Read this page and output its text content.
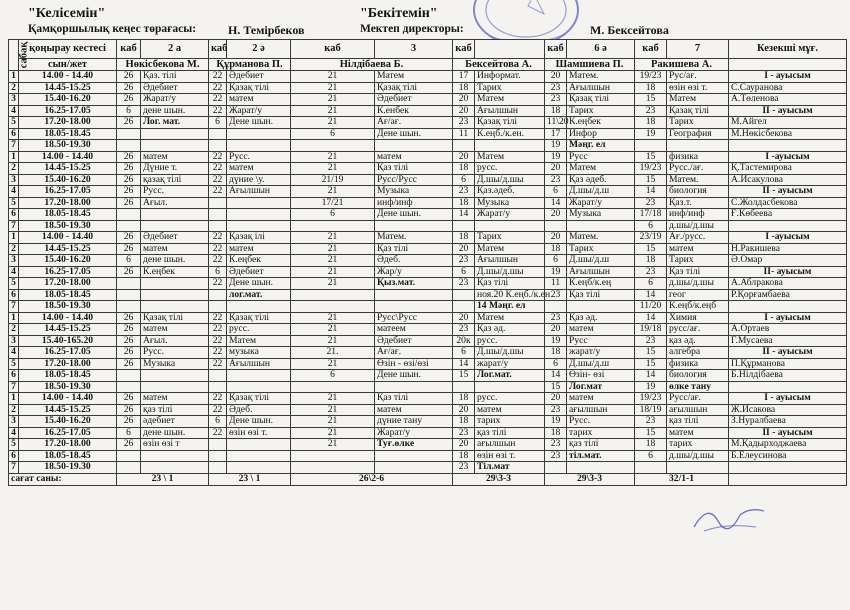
"Келісемін"
Қамқоршылық кеңес төрағасы:	Н. Темірбеков
"Бекітемін"
Мектеп директоры:	М. Бексейтова
сабақ	қоңырау кестесі	каб	2 а	каб	2 ә	каб	3	каб		каб	6 ә	каб	7	Кезекші мұғ.
	сын/жет	Нөкісбекова М.		Құрманова П.		Нілдібаева Б.		Бексейтова А.		Шамшиева П.		Ракишева А.		
1	14.00 - 14.40	26	Қаз. тілі	22	Әдебиет	21	Матем	17	Информат.	20	Матем.	19/23	Рус/ағ.	І - ауысым
2	14.45-15.25	26	Әдебиет	22	Қазақ тілі	21	Қазақ тілі	18	Тарих	23	Ағылшын	18	өзін өзі т.	С.Сауранова
3	15.40-16.20	26	Жарат/у	22	матем	21	Әдебиет	20	Матем	23	Қазақ тілі	15	Матем	А.Төленова
4	16.25-17.05	6	дене шын.	22	Жарат/у	21	К.енбек	20	Ағылшын	18	Тарих	23	Қазақ тілі	ІІ - ауысым
5	17.20-18.00	26	Лог. мат.	6	Дене шын.	21	Ағ/ағ.	23	Қазақ тілі	11\20	К.еңбек	18	Тарих	М.Айгел
6	18.05-18.45					6	Дене шын.	11	К.еңб./к.ен.	17	Инфор	19	География	М.Нөкісбекова
7	18.50-19.30									19	Мәңг. ел			
1	14.00 - 14.40	26	матем	22	Русс.	21	матем	20	Матем	19	Русс	15	физика	І -ауысым
2	14.45-15.25	26	Дүние т.	22	матем	21	Қаз тілі	18	русс.	20	Матем	19/23	Русс./ағ.	Қ.Тастемирова
3	15.40-16.20	26	қазақ тілі	22	дүние \у.	21/19	Русс/Русс	6	Д.шы/д.шы	23	Қаз әдеб.	15	Матем.	А.Исакулова
4	16.25-17.05	26	Русс.	22	Ағылшын	21	Музыка	23	Қаз.әдеб.	6	Д.шы/д.ш	14	биология	ІІ - ауысым
5	17.20-18.00	26	Ағыл.			17/21	инф/инф	18	Музыка	14	Жарат/у	23	Қаз.т.	С.Жолдасбекова
6	18.05-18.45					6	Дене шын.	14	Жарат/у	20	Музыка	17/18	инф/инф	Ғ.Көбеева
7	18.50-19.30											6	д.шы/д.шы	
1	14.00 - 14.40	26	Әдебиет	22	Қазақ ілі	21	Матем.	18	Тарих	20	Матем.	23/19	Ағ./русс.	І -ауысым
2	14.45-15.25	26	матем	22	матем	21	Қаз тілі	20	Матем	18	Тарих	15	матем	Н.Ракишева
3	15.40-16.20	6	дене шын.	22	К.еңбек	21	Әдеб.	23	Ағылшын	6	Д.шы/д.ш	18	Тарих	Ә.Омар
4	16.25-17.05	26	К.еңбек	6	Әдебиет	21	Жар/у	6	Д.шы/д.шы	19	Ағылшын	23	Қаз тілі	ІІ- ауысым
5	17.20-18.00			22	Дене шын.	21	Қыз.мат.	23	Қаз тілі	11	К.еңб/к.ең	6	д.шы/д.шы	А.Аблракова
6	18.05-18.45				лог.мат.				ноя.20 К.еңб./к.ен	23	Қаз тілі	14	геог	Р.Қорғамбаева
7	18.50-19.30								14 Мәңг. ел			11/20	К.еңб/к.еңб	
1	14.00 - 14.40	26	Қазақ тілі	22	Қазақ тілі	21	Русс\Русс	20	Матем	23	Қаз әд.	14	Химия	І - ауысым
2	14.45-15.25	26	матем	22	русс.	21	матеем	23	Қаз әд.	20	матем	19/18	русс/ағ.	А.Ортаев
3	15.40-165.20	26	Ағыл.	22	Матем	21	Әдебиет	20к	русс.	19	Русс	23	қаз әд.	Г.Мусаева
4	16.25-17.05	26	Русс.	22	музыка	21.	Ағ/ағ.	6	Д.шы/д.шы	18	жарат/у	15	алгебра	ІІ - ауысым
5	17.20-18.00	26	Музыка	22	Ағылшын	21	Өзін - өзі/өзі	14	жарат/у	6	Д.шы/д.ш	15	физика	П.Құрманова
6	18.05-18.45					6	Дене шын.	15	Лог.мат.	14	Өзін- өзі	14	биология	Б.Нілдібаева
7	18.50-19.30									15	Лог.мат	19	өлке тану	
1	14.00 - 14.40	26	матем	22	Қазақ тілі	21	Қаз тілі	18	русс.	20	матем	19/23	Русс/ағ.	І - ауысым
2	14.45-15.25	26	қаз тілі	22	Әдеб.	21	матем	20	матем	23	ағылшын	18/19	ағылшын	Ж.Исакова
3	15.40-16.20	26	әдебиет	6	Дене шын.	21	дүние тану	18	тарих	19	Русс.	23	қаз тілі	З.Нуралбаева
4	16.25-17.05	6	дене шын.	22	өзін өзі т.	21	Жарат/у	23	қаз тілі	18	тарих	15	матем	ІІ - ауысым
5	17.20-18.00	26	өзін өзі т			21	Туғ.өлке	20	ағылшын	23	қаз тілі	18	тарих	М.Қадырходжаева
6	18.05-18.45							18	өзін өзі т.	23	тіл.мат.	6	д.шы/д.шы	Б.Елеусинова
7	18.50-19.30							23	Тіл.мат					
сағат саны:		23 \ 1		23 \ 1		26\2-6		29\3-3		29\3-3		32/1-1		
